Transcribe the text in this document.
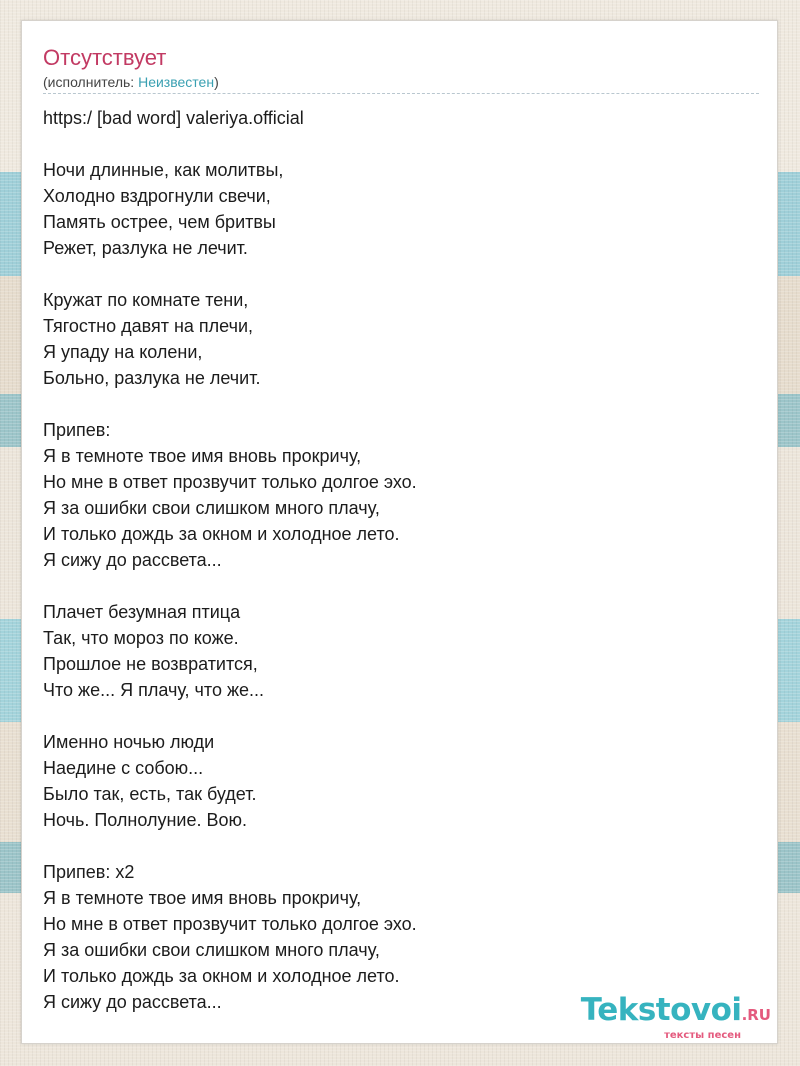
Отсутствует
(исполнитель: Неизвестен)
https:/ [bad word] valeriya.official

Ночи длинные, как молитвы,
Холодно вздрогнули свечи,
Память острее, чем бритвы
Режет, разлука не лечит.

Кружат по комнате тени,
Тягостно давят на плечи,
Я упаду на колени,
Больно, разлука не лечит.

Припев:
Я в темноте твое имя вновь прокричу,
Но мне в ответ прозвучит только долгое эхо.
Я за ошибки свои слишком много плачу,
И только дождь за окном и холодное лето.
Я сижу до рассвета...

Плачет безумная птица
Так, что мороз по коже.
Прошлое не возвратится,
Что же... Я плачу, что же...

Именно ночью люди
Наедине с собою...
Было так, есть, так будет.
Ночь. Полнолуние. Вою.

Припев: х2
Я в темноте твое имя вновь прокричу,
Но мне в ответ прозвучит только долгое эхо.
Я за ошибки свои слишком много плачу,
И только дождь за окном и холодное лето.
Я сижу до рассвета...	Tekstovoi.RU
тексты песен
